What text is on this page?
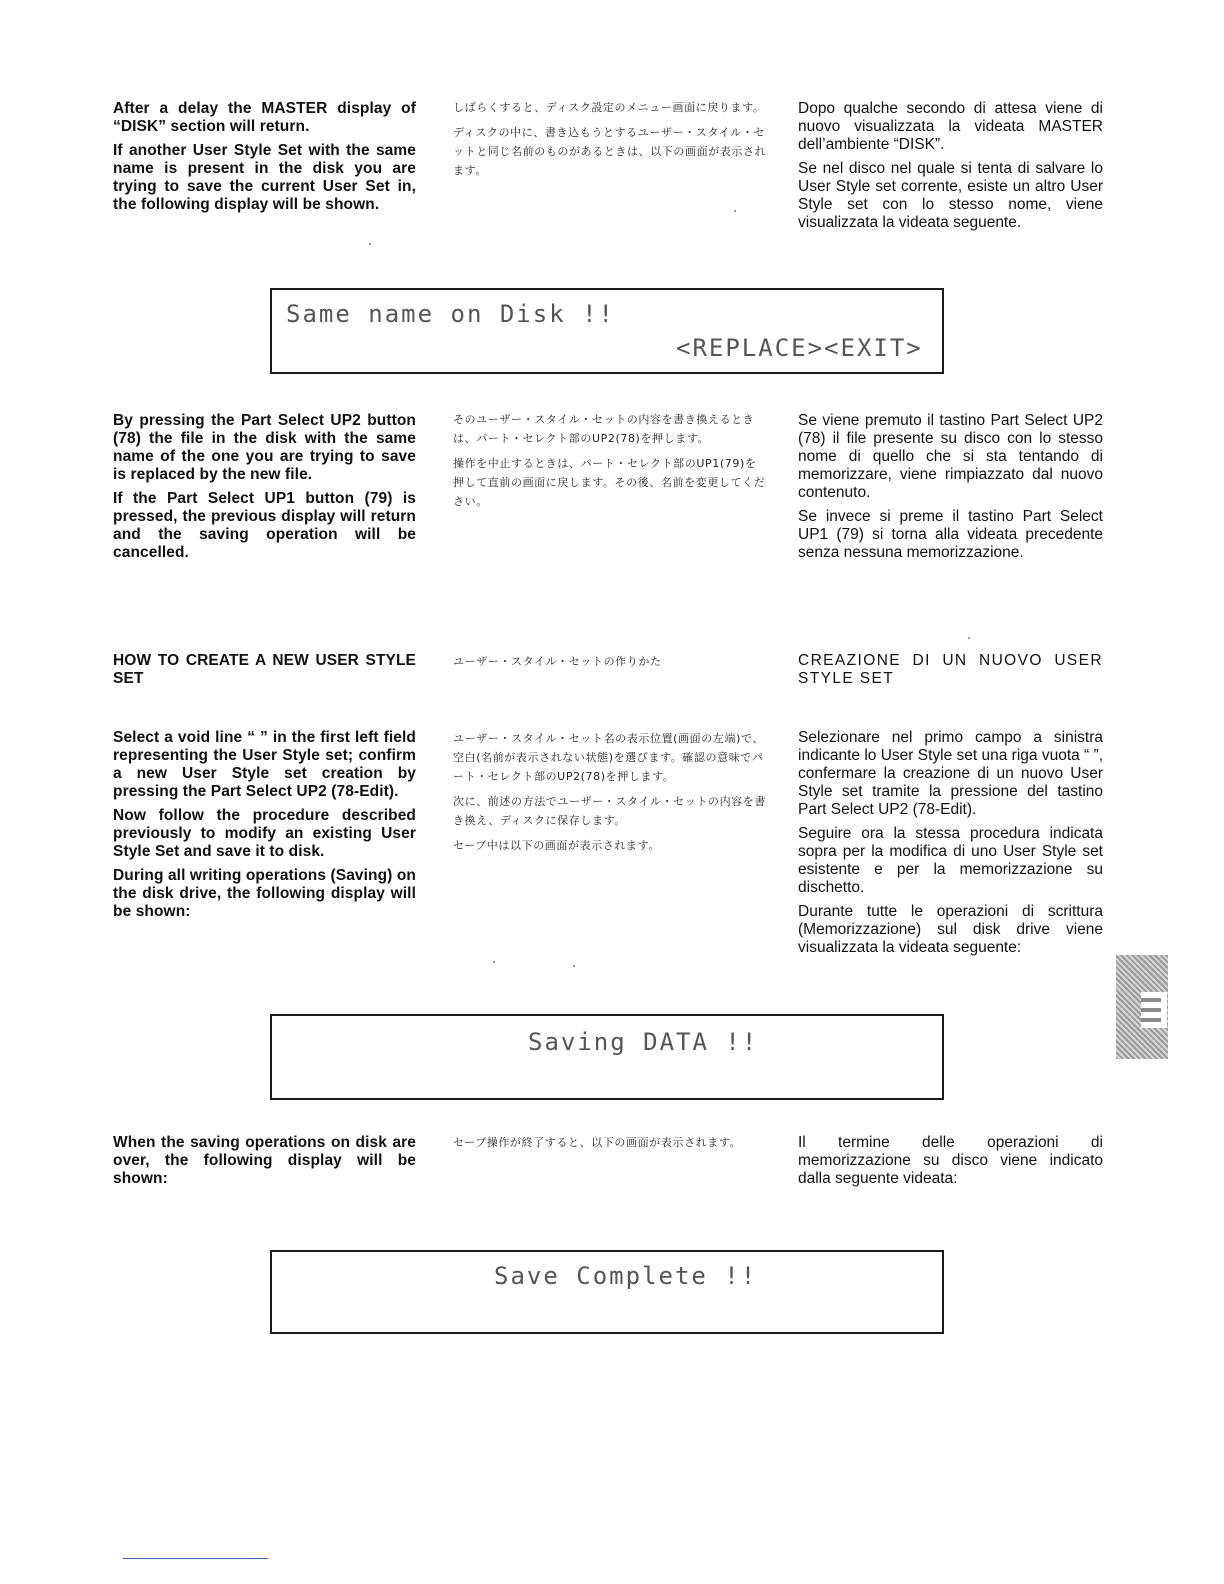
After a delay the MASTER display of “DISK” section will return.

If another User Style Set with the same name is present in the disk you are trying to save the current User Set in, the following display will be shown.

しばらくすると、ディスク設定のメニュー画面に戻ります。

ディスクの中に、書き込もうとするユーザー・スタイル・セットと同じ名前のものがあるときは、以下の画面が表示されます。

Dopo qualche secondo di attesa viene di nuovo visualizzata la videata MASTER dell’ambiente “DISK”.

Se nel disco nel quale si tenta di salvare lo User Style set corrente, esiste un altro User Style set con lo stesso nome, viene visualizzata la videata seguente.

Same name on Disk !!
<REPLACE><EXIT>

By pressing the Part Select UP2 button (78) the file in the disk with the same name of the one you are trying to save is replaced by the new file.

If the Part Select UP1 button (79) is pressed, the previous display will return and the saving operation will be cancelled.

そのユーザー・スタイル・セットの内容を書き換えるときは、パート・セレクト部のUP2(78)を押します。

操作を中止するときは、パート・セレクト部のUP1(79)を押して直前の画面に戻します。その後、名前を変更してください。

Se viene premuto il tastino Part Select UP2 (78) il file presente su disco con lo stesso nome di quello che si sta tentando di memorizzare, viene rimpiazzato dal nuovo contenuto.

Se invece si preme il tastino Part Select UP1 (79) si torna alla videata precedente senza nessuna memorizzazione.

HOW TO CREATE A NEW USER STYLE SET

ユーザー・スタイル・セットの作りかた	CREAZIONE DI UN NUOVO USER STYLE SET

Select a void line “ ” in the first left field representing the User Style set; confirm a new User Style set creation by pressing the Part Select UP2 (78-Edit).

Now follow the procedure described previously to modify an existing User Style Set and save it to disk.

During all writing operations (Saving) on the disk drive, the following display will be shown:

ユーザー・スタイル・セット名の表示位置(画面の左端)で、空白(名前が表示されない状態)を選びます。確認の意味でパート・セレクト部のUP2(78)を押します。

次に、前述の方法でユーザー・スタイル・セットの内容を書き換え、ディスクに保存します。

セーブ中は以下の画面が表示されます。

Selezionare nel primo campo a sinistra indicante lo User Style set una riga vuota “ ”, confermare la creazione di un nuovo User Style set tramite la pressione del tastino Part Select UP2 (78-Edit).

Seguire ora la stessa procedura indicata sopra per la modifica di uno User Style set esistente e per la memorizzazione su dischetto.

Durante tutte le operazioni di scrittura (Memorizzazione) sul disk drive viene visualizzata la videata seguente:

Saving DATA !!

When the saving operations on disk are over, the following display will be shown:

セーブ操作が終了すると、以下の画面が表示されます。	Il termine delle operazioni di memorizzazione su disco viene indicato dalla seguente videata:

Save Complete !!
